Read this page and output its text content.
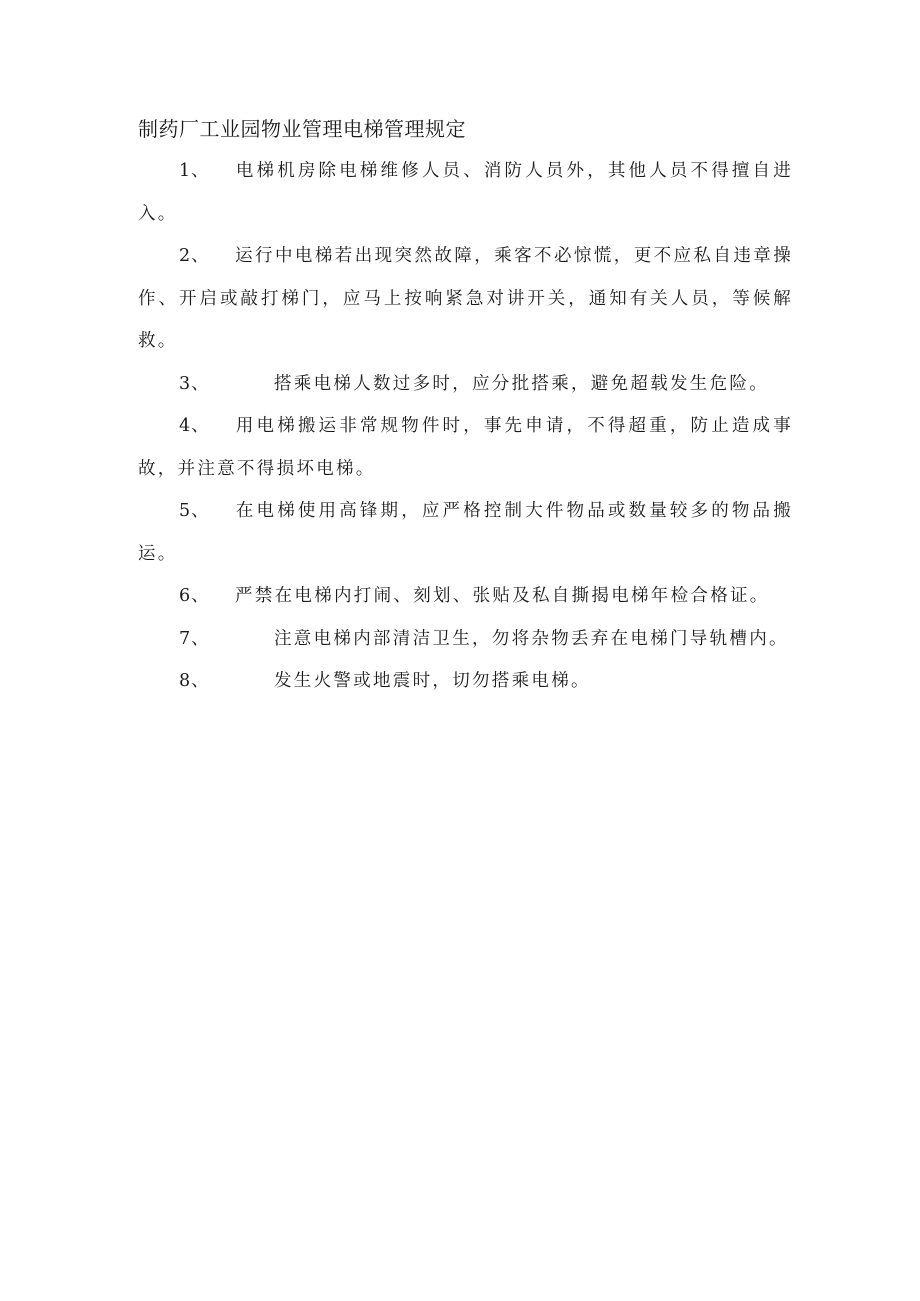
制药厂工业园物业管理电梯管理规定

1、 电梯机房除电梯维修人员、消防人员外，其他人员不得擅自进入。

2、 运行中电梯若出现突然故障，乘客不必惊慌，更不应私自违章操作、开启或敲打梯门，应马上按响紧急对讲开关，通知有关人员，等候解救。

3、	搭乘电梯人数过多时，应分批搭乘，避免超载发生危险。

4、 用电梯搬运非常规物件时，事先申请，不得超重，防止造成事故，并注意不得损坏电梯。

5、 在电梯使用高锋期，应严格控制大件物品或数量较多的物品搬运。

6、 严禁在电梯内打闹、刻划、张贴及私自撕揭电梯年检合格证。

7、	注意电梯内部清洁卫生，勿将杂物丢弃在电梯门导轨槽内。

8、	发生火警或地震时，切勿搭乘电梯。
